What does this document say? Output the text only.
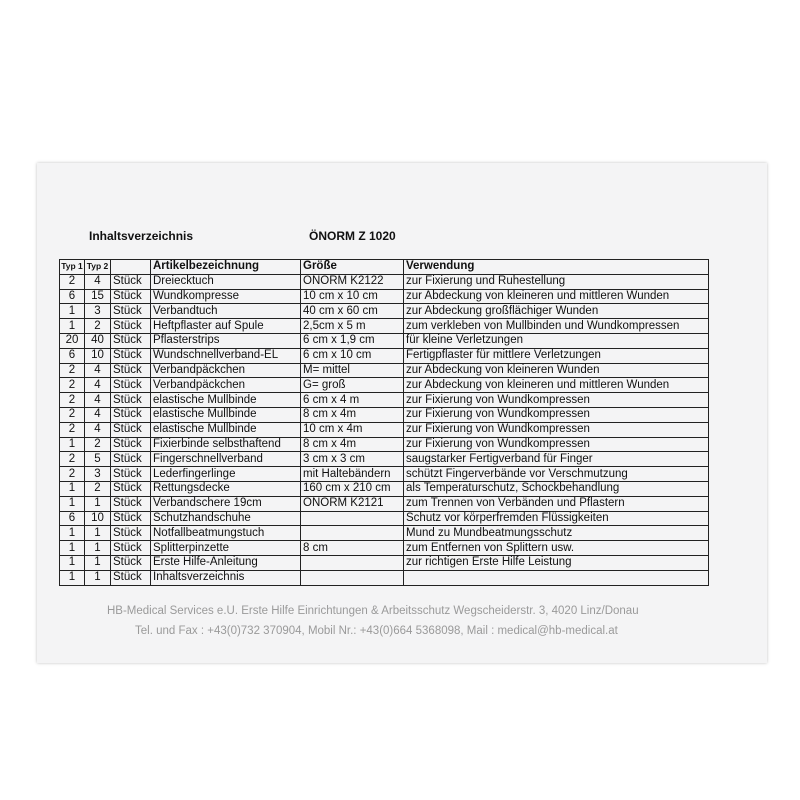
Inhaltsverzeichnis	ÖNORM Z 1020
Typ 1	Typ 2		Artikelbezeichnung	Größe	Verwendung
2	4	Stück	Dreiecktuch	ÖNORM K2122	zur Fixierung und Ruhestellung
6	15	Stück	Wundkompresse	10 cm x 10 cm	zur Abdeckung von kleineren und mittleren Wunden
1	3	Stück	Verbandtuch	40 cm x 60 cm	zur Abdeckung großflächiger Wunden
1	2	Stück	Heftpflaster auf Spule	2,5cm x 5 m	zum verkleben von Mullbinden und Wundkompressen
20	40	Stück	Pflasterstrips	6 cm x 1,9 cm	für kleine Verletzungen
6	10	Stück	Wundschnellverband-EL	6 cm x 10 cm	Fertigpflaster für mittlere Verletzungen
2	4	Stück	Verbandpäckchen	M= mittel	zur Abdeckung von kleineren Wunden
2	4	Stück	Verbandpäckchen	G= groß	zur Abdeckung von kleineren und mittleren Wunden
2	4	Stück	elastische Mullbinde	6 cm x 4 m	zur Fixierung von Wundkompressen
2	4	Stück	elastische Mullbinde	8 cm x 4m	zur Fixierung von Wundkompressen
2	4	Stück	elastische Mullbinde	10 cm x 4m	zur Fixierung von Wundkompressen
1	2	Stück	Fixierbinde selbsthaftend	8 cm x 4m	zur Fixierung von Wundkompressen
2	5	Stück	Fingerschnellverband	3 cm x 3 cm	saugstarker Fertigverband für Finger
2	3	Stück	Lederfingerlinge	mit Haltebändern	schützt Fingerverbände vor Verschmutzung
1	2	Stück	Rettungsdecke	160 cm x 210 cm	als Temperaturschutz, Schockbehandlung
1	1	Stück	Verbandschere 19cm	ÖNORM K2121	zum Trennen von Verbänden und Pflastern
6	10	Stück	Schutzhandschuhe		Schutz vor körperfremden Flüssigkeiten
1	1	Stück	Notfallbeatmungstuch		Mund zu Mundbeatmungsschutz
1	1	Stück	Splitterpinzette	8 cm	zum Entfernen von Splittern usw.
1	1	Stück	Erste Hilfe-Anleitung		zur richtigen Erste Hilfe Leistung
1	1	Stück	Inhaltsverzeichnis		
HB-Medical Services e.U. Erste Hilfe Einrichtungen & Arbeitsschutz Wegscheiderstr. 3, 4020 Linz/Donau
Tel. und Fax : +43(0)732 370904, Mobil Nr.: +43(0)664 5368098, Mail : medical@hb-medical.at
